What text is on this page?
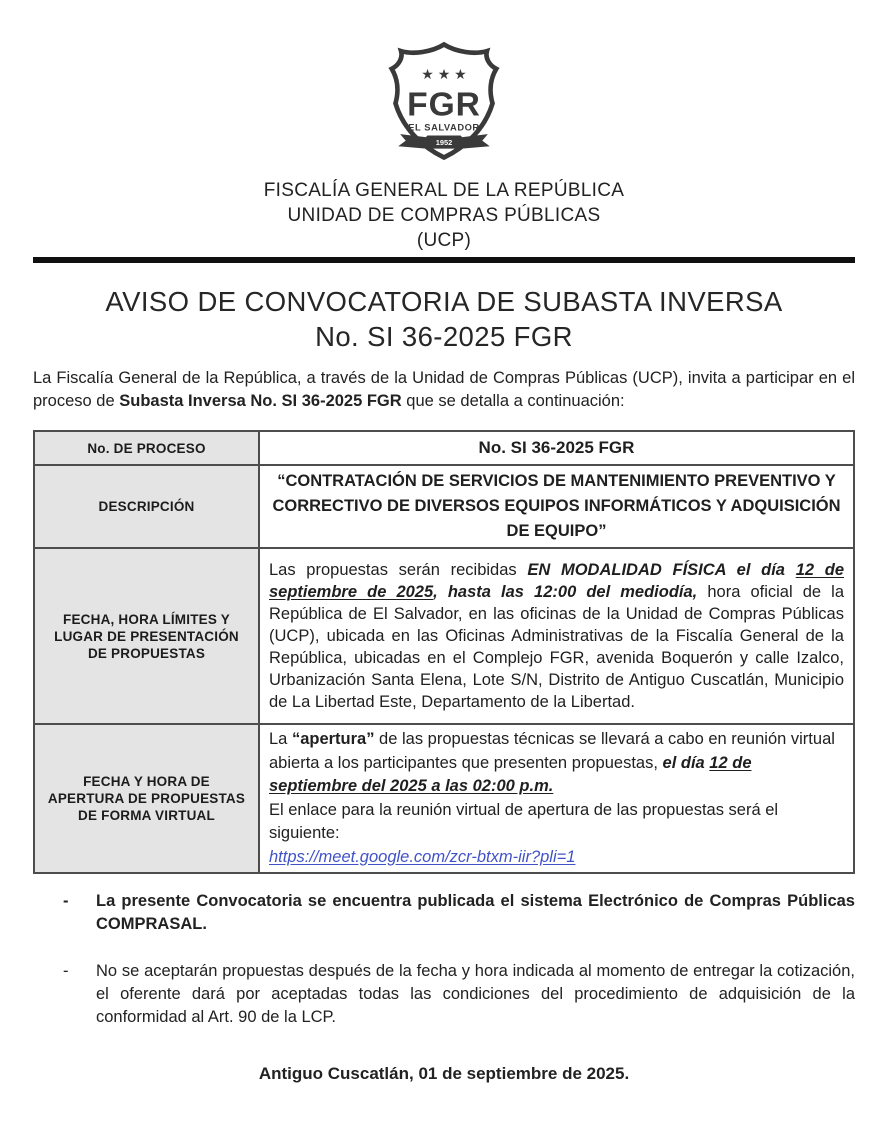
★ ★ ★
FGR
EL SALVADOR
1952
FISCALÍA GENERAL DE LA REPÚBLICA
UNIDAD DE COMPRAS PÚBLICAS
(UCP)
AVISO DE CONVOCATORIA DE SUBASTA INVERSA
No. SI 36-2025 FGR

La Fiscalía General de la República, a través de la Unidad de Compras Públicas (UCP), invita a participar en el proceso de Subasta Inversa No. SI 36-2025 FGR que se detalla a continuación:

No. DE PROCESO	No. SI 36-2025 FGR
DESCRIPCIÓN	“CONTRATACIÓN DE SERVICIOS DE MANTENIMIENTO PREVENTIVO Y CORRECTIVO DE DIVERSOS EQUIPOS INFORMÁTICOS Y ADQUISICIÓN DE EQUIPO”
FECHA, HORA LÍMITES Y LUGAR DE PRESENTACIÓN DE PROPUESTAS	Las propuestas serán recibidas EN MODALIDAD FÍSICA el día 12 de septiembre de 2025, hasta las 12:00 del mediodía, hora oficial de la República de El Salvador, en las oficinas de la Unidad de Compras Públicas (UCP), ubicada en las Oficinas Administrativas de la Fiscalía General de la República, ubicadas en el Complejo FGR, avenida Boquerón y calle Izalco, Urbanización Santa Elena, Lote S/N, Distrito de Antiguo Cuscatlán, Municipio de La Libertad Este, Departamento de la Libertad.
FECHA Y HORA DE APERTURA DE PROPUESTAS DE FORMA VIRTUAL	La “apertura” de las propuestas técnicas se llevará a cabo en reunión virtual abierta a los participantes que presenten propuestas, el día 12 de septiembre del 2025 a las 02:00 p.m.
El enlace para la reunión virtual de apertura de las propuestas será el siguiente:
https://meet.google.com/zcr-btxm-iir?pli=1
-	La presente Convocatoria se encuentra publicada el sistema Electrónico de Compras Públicas COMPRASAL.
-	No se aceptarán propuestas después de la fecha y hora indicada al momento de entregar la cotización, el oferente dará por aceptadas todas las condiciones del procedimiento de adquisición de la conformidad al Art. 90 de la LCP.
Antiguo Cuscatlán, 01 de septiembre de 2025.
